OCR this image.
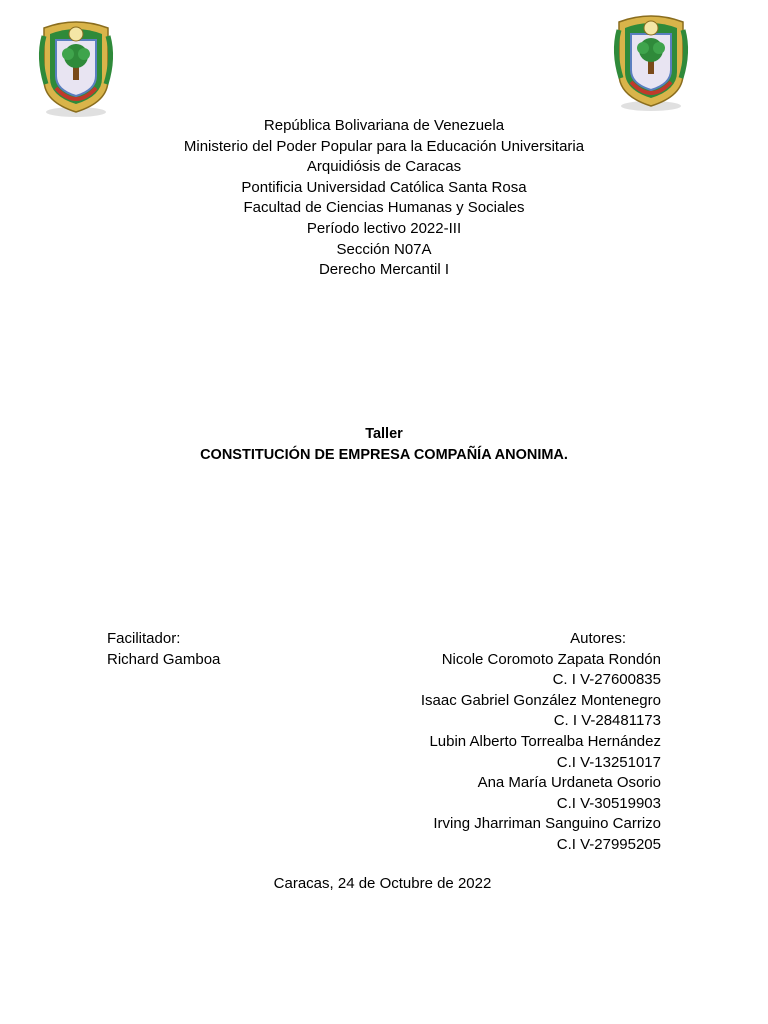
República Bolivariana de Venezuela
Ministerio del Poder Popular para la Educación Universitaria
Arquidiósis de Caracas
Pontificia Universidad Católica Santa Rosa
Facultad de Ciencias Humanas y Sociales
Período lectivo 2022-III
Sección N07A
Derecho Mercantil I
Taller
CONSTITUCIÓN DE EMPRESA COMPAÑÍA ANONIMA.
Facilitador:
Richard Gamboa
Autores:
Nicole Coromoto Zapata Rondón
C. I V-27600835
Isaac Gabriel González Montenegro
C. I V-28481173
Lubin Alberto Torrealba Hernández
C.I V-13251017
Ana María Urdaneta Osorio
C.I V-30519903
Irving Jharriman Sanguino Carrizo
C.I V-27995205
Caracas, 24 de Octubre de 2022
